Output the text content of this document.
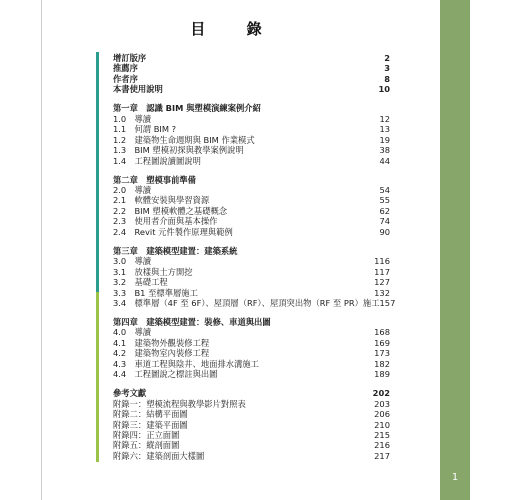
1
目 錄
增訂版序	2
推薦序	3
作者序	8
本書使用說明	10
第一章　認識 BIM 與塑模演練案例介紹
1.0　導讀	12
1.1　何謂 BIM ?	13
1.2　建築物生命週期與 BIM 作業模式	19
1.3　BIM 塑模初探與教學案例說明	38
1.4　工程圖說讀圖說明	44
第二章　塑模事前準備
2.0　導讀	54
2.1　軟體安裝與學習資源	55
2.2　BIM 塑模軟體之基礎概念	62
2.3　使用者介面與基本操作	74
2.4　Revit 元件製作原理與範例	90
第三章　建築模型建置：建築系統
3.0　導讀	116
3.1　放樣與土方開挖	117
3.2　基礎工程	127
3.3　B1 至標準層施工	132
3.4　標準層（4F 至 6F）、屋頂層（RF）、屋頂突出物（RF 至 PR）施工 157
第四章　建築模型建置：裝修、車道與出圖
4.0　導讀	168
4.1　建築物外觀裝修工程	169
4.2　建築物室內裝修工程	173
4.3　車道工程與陰井、地面排水溝施工	182
4.4　工程圖說之標註與出圖	189
參考文獻	202
附錄一：塑模流程與教學影片對照表	203
附錄二：結構平面圖	206
附錄三：建築平面圖	210
附錄四：正立面圖	215
附錄五：縱剖面圖	216
附錄六：建築剖面大樣圖	217
